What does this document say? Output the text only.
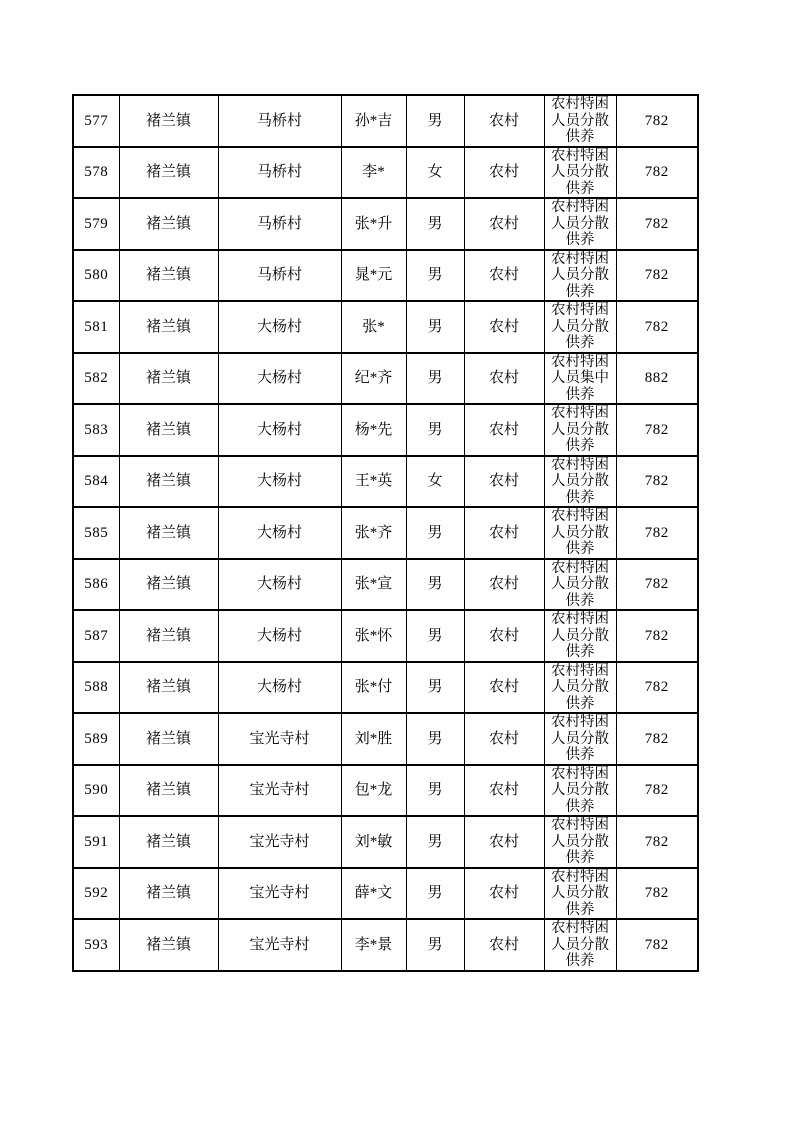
577	褚兰镇	马桥村	孙*吉	男	农村	农村特困人员分散供养	782
578	褚兰镇	马桥村	李*	女	农村	农村特困人员分散供养	782
579	褚兰镇	马桥村	张*升	男	农村	农村特困人员分散供养	782
580	褚兰镇	马桥村	晁*元	男	农村	农村特困人员分散供养	782
581	褚兰镇	大杨村	张*	男	农村	农村特困人员分散供养	782
582	褚兰镇	大杨村	纪*齐	男	农村	农村特困人员集中供养	882
583	褚兰镇	大杨村	杨*先	男	农村	农村特困人员分散供养	782
584	褚兰镇	大杨村	王*英	女	农村	农村特困人员分散供养	782
585	褚兰镇	大杨村	张*齐	男	农村	农村特困人员分散供养	782
586	褚兰镇	大杨村	张*宣	男	农村	农村特困人员分散供养	782
587	褚兰镇	大杨村	张*怀	男	农村	农村特困人员分散供养	782
588	褚兰镇	大杨村	张*付	男	农村	农村特困人员分散供养	782
589	褚兰镇	宝光寺村	刘*胜	男	农村	农村特困人员分散供养	782
590	褚兰镇	宝光寺村	包*龙	男	农村	农村特困人员分散供养	782
591	褚兰镇	宝光寺村	刘*敏	男	农村	农村特困人员分散供养	782
592	褚兰镇	宝光寺村	薛*文	男	农村	农村特困人员分散供养	782
593	褚兰镇	宝光寺村	李*景	男	农村	农村特困人员分散供养	782
